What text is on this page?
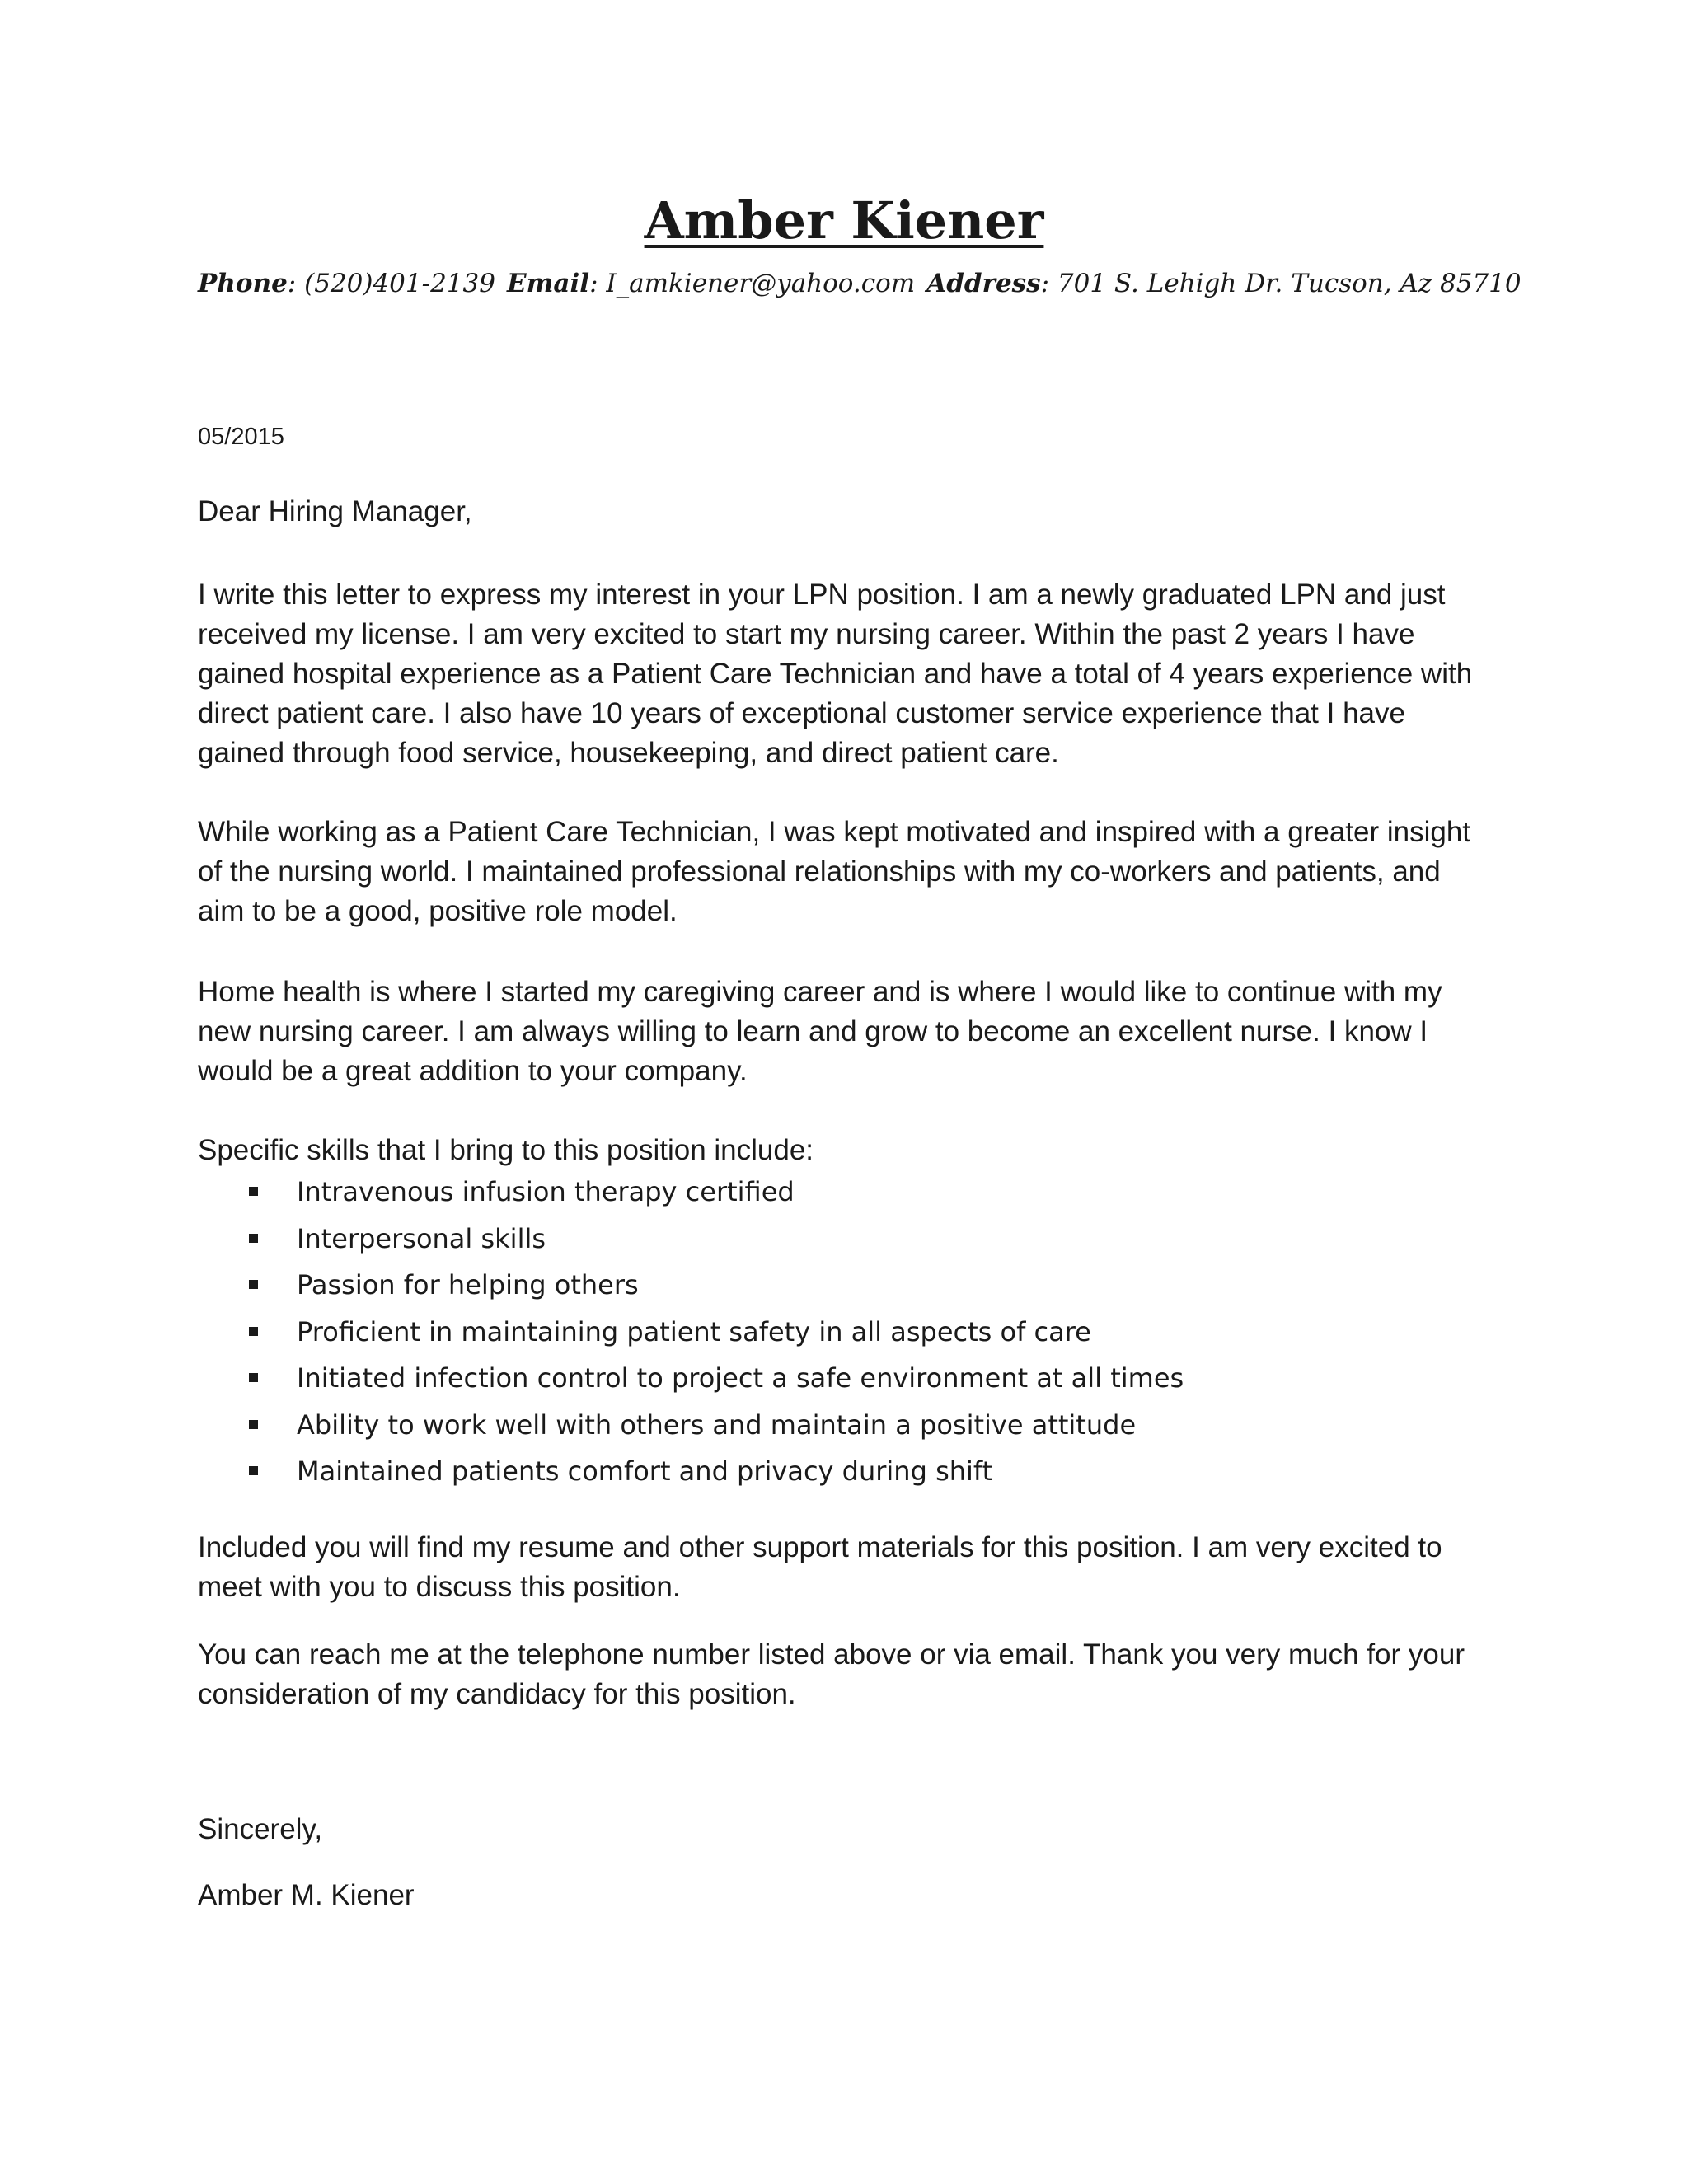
Amber Kiener
Phone: (520)401-2139 Email: I_amkiener@yahoo.com Address: 701 S. Lehigh Dr. Tucson, Az 85710
05/2015
Dear Hiring Manager,

I write this letter to express my interest in your LPN position. I am a newly graduated LPN and just received my license. I am very excited to start my nursing career. Within the past 2 years I have gained hospital experience as a Patient Care Technician and have a total of 4 years experience with direct patient care. I also have 10 years of exceptional customer service experience that I have gained through food service, housekeeping, and direct patient care.

While working as a Patient Care Technician, I was kept motivated and inspired with a greater insight of the nursing world. I maintained professional relationships with my co-workers and patients, and aim to be a good, positive role model.

Home health is where I started my caregiving career and is where I would like to continue with my new nursing career. I am always willing to learn and grow to become an excellent nurse. I know I would be a great addition to your company.

Specific skills that I bring to this position include:
Intravenous infusion therapy certified
Interpersonal skills
Passion for helping others
Proficient in maintaining patient safety in all aspects of care
Initiated infection control to project a safe environment at all times
Ability to work well with others and maintain a positive attitude
Maintained patients comfort and privacy during shift

Included you will find my resume and other support materials for this position. I am very excited to meet with you to discuss this position.

You can reach me at the telephone number listed above or via email. Thank you very much for your consideration of my candidacy for this position.

Sincerely,
Amber M. Kiener
